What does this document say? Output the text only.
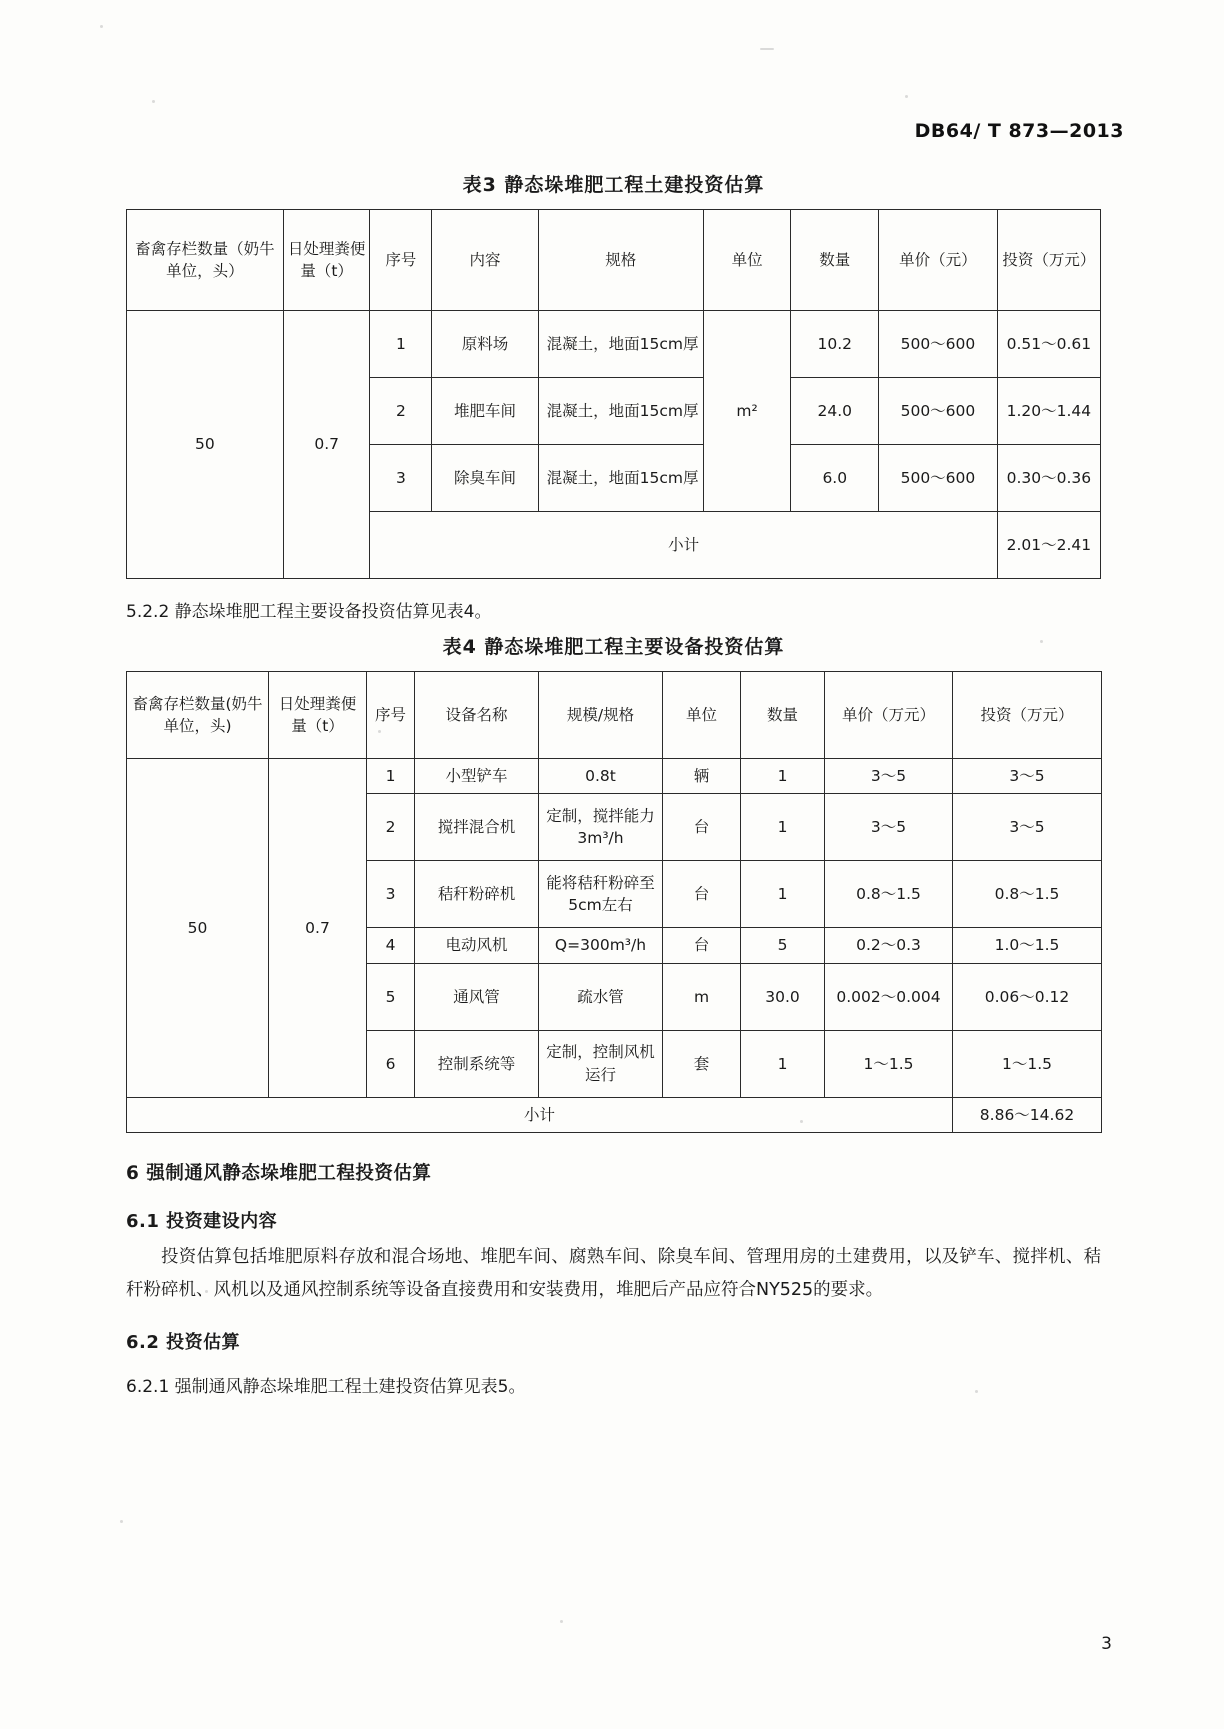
DB64/ T 873—2013
表3 静态垛堆肥工程土建投资估算
畜禽存栏数量（奶牛单位，头）	日处理粪便量（t）	序号	内容	规格	单位	数量	单价（元）	投资（万元）
50	0.7	1	原料场	混凝土，地面15cm厚	m²	10.2	500～600	0.51～0.61
		2	堆肥车间	混凝土，地面15cm厚		24.0	500～600	1.20～1.44
		3	除臭车间	混凝土，地面15cm厚		6.0	500～600	0.30～0.36
		小计						2.01～2.41
5.2.2 静态垛堆肥工程主要设备投资估算见表4。
表4 静态垛堆肥工程主要设备投资估算
畜禽存栏数量(奶牛单位，头)	日处理粪便量（t）	序号	设备名称	规模/规格	单位	数量	单价（万元）	投资（万元）
50	0.7	1	小型铲车	0.8t	辆	1	3～5	3～5
		2	搅拌混合机	定制，搅拌能力3m³/h	台	1	3～5	3～5
		3	秸秆粉碎机	能将秸秆粉碎至5cm左右	台	1	0.8～1.5	0.8～1.5
		4	电动风机	Q=300m³/h	台	5	0.2～0.3	1.0～1.5
		5	通风管	疏水管	m	30.0	0.002～0.004	0.06～0.12
		6	控制系统等	定制，控制风机运行	套	1	1～1.5	1～1.5
小计								8.86～14.62
6 强制通风静态垛堆肥工程投资估算
6.1 投资建设内容
投资估算包括堆肥原料存放和混合场地、堆肥车间、腐熟车间、除臭车间、管理用房的土建费用，以及铲车、搅拌机、秸秆粉碎机、风机以及通风控制系统等设备直接费用和安装费用，堆肥后产品应符合NY525的要求。
6.2 投资估算
6.2.1 强制通风静态垛堆肥工程土建投资估算见表5。
3
